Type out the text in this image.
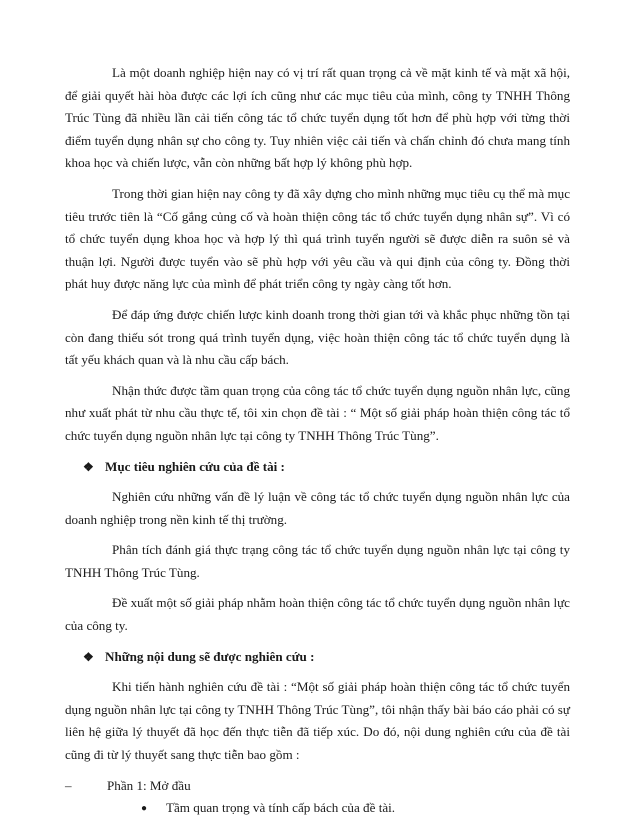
Là một doanh nghiệp hiện nay có vị trí rất quan trọng cả về mặt kinh tế và mặt xã hội, để giải quyết hài hòa được các lợi ích cũng như các mục tiêu của mình, công ty TNHH Thông Trúc Tùng đã nhiều lần cải tiến công tác tổ chức tuyển dụng tốt hơn để phù hợp với từng thời điểm tuyển dụng nhân sự cho công ty. Tuy nhiên việc cải tiến và chấn chỉnh đó chưa mang tính khoa học và chiến lược, vẫn còn những bất hợp lý không phù hợp.

Trong thời gian hiện nay công ty đã xây dựng cho mình những mục tiêu cụ thể mà mục tiêu trước tiên là “Cố gắng củng cố và hoàn thiện công tác tổ chức tuyển dụng nhân sự”. Vì có tổ chức tuyển dụng khoa học và hợp lý thì quá trình tuyển người sẽ được diễn ra suôn sẻ và thuận lợi. Người được tuyển vào sẽ phù hợp với yêu cầu và qui định của công ty. Đồng thời phát huy được năng lực của mình để phát triển công ty ngày càng tốt hơn.

Để đáp ứng được chiến lược kinh doanh trong thời gian tới và khắc phục những tồn tại còn đang thiếu sót trong quá trình tuyển dụng, việc hoàn thiện công tác tổ chức tuyển dụng là tất yếu khách quan và là nhu cầu cấp bách.

Nhận thức được tầm quan trọng của công tác tổ chức tuyển dụng nguồn nhân lực, cũng như xuất phát từ nhu cầu thực tế, tôi xin chọn đề tài : “ Một số giải pháp hoàn thiện công tác tổ chức tuyển dụng nguồn nhân lực tại công ty TNHH Thông Trúc Tùng”.

❖ Mục tiêu nghiên cứu của đề tài :

Nghiên cứu những vấn đề lý luận về công tác tổ chức tuyển dụng nguồn nhân lực của doanh nghiệp trong nền kinh tế thị trường.

Phân tích đánh giá thực trạng công tác tổ chức tuyển dụng nguồn nhân lực tại công ty TNHH Thông Trúc Tùng.

Đề xuất một số giải pháp nhằm hoàn thiện công tác tổ chức tuyển dụng nguồn nhân lực của công ty.

❖ Những nội dung sẽ được nghiên cứu :

Khi tiến hành nghiên cứu đề tài : “Một số giải pháp hoàn thiện công tác tổ chức tuyển dụng nguồn nhân lực tại công ty TNHH Thông Trúc Tùng”, tôi nhận thấy bài báo cáo phải có sự liên hệ giữa lý thuyết đã học đến thực tiễn đã tiếp xúc. Do đó, nội dung nghiên cứu của đề tài cũng đi từ lý thuyết sang thực tiễn bao gồm :

–	Phần 1: Mở đầu
●	Tầm quan trọng và tính cấp bách của đề tài.
